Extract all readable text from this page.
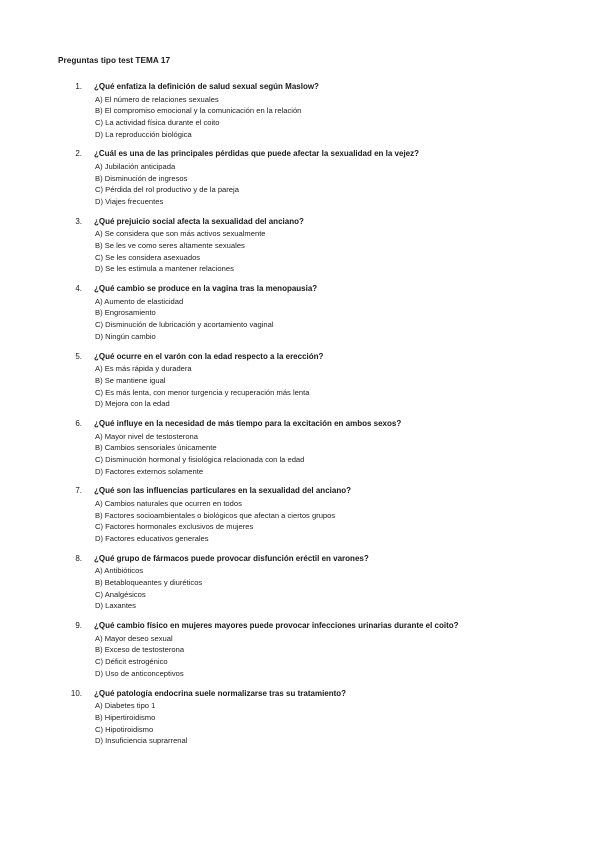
Preguntas tipo test TEMA 17
1. ¿Qué enfatiza la definición de salud sexual según Maslow?
A) El número de relaciones sexuales
B) El compromiso emocional y la comunicación en la relación
C) La actividad física durante el coito
D) La reproducción biológica
2. ¿Cuál es una de las principales pérdidas que puede afectar la sexualidad en la vejez?
A) Jubilación anticipada
B) Disminución de ingresos
C) Pérdida del rol productivo y de la pareja
D) Viajes frecuentes
3. ¿Qué prejuicio social afecta la sexualidad del anciano?
A) Se considera que son más activos sexualmente
B) Se les ve como seres altamente sexuales
C) Se les considera asexuados
D) Se les estimula a mantener relaciones
4. ¿Qué cambio se produce en la vagina tras la menopausia?
A) Aumento de elasticidad
B) Engrosamiento
C) Disminución de lubricación y acortamiento vaginal
D) Ningún cambio
5. ¿Qué ocurre en el varón con la edad respecto a la erección?
A) Es más rápida y duradera
B) Se mantiene igual
C) Es más lenta, con menor turgencia y recuperación más lenta
D) Mejora con la edad
6. ¿Qué influye en la necesidad de más tiempo para la excitación en ambos sexos?
A) Mayor nivel de testosterona
B) Cambios sensoriales únicamente
C) Disminución hormonal y fisiológica relacionada con la edad
D) Factores externos solamente
7. ¿Qué son las influencias particulares en la sexualidad del anciano?
A) Cambios naturales que ocurren en todos
B) Factores socioambientales o biológicos que afectan a ciertos grupos
C) Factores hormonales exclusivos de mujeres
D) Factores educativos generales
8. ¿Qué grupo de fármacos puede provocar disfunción eréctil en varones?
A) Antibióticos
B) Betabloqueantes y diuréticos
C) Analgésicos
D) Laxantes
9. ¿Qué cambio físico en mujeres mayores puede provocar infecciones urinarias durante el coito?
A) Mayor deseo sexual
B) Exceso de testosterona
C) Déficit estrogénico
D) Uso de anticonceptivos
10. ¿Qué patología endocrina suele normalizarse tras su tratamiento?
A) Diabetes tipo 1
B) Hipertiroidismo
C) Hipotiroidismo
D) Insuficiencia suprarrenal
